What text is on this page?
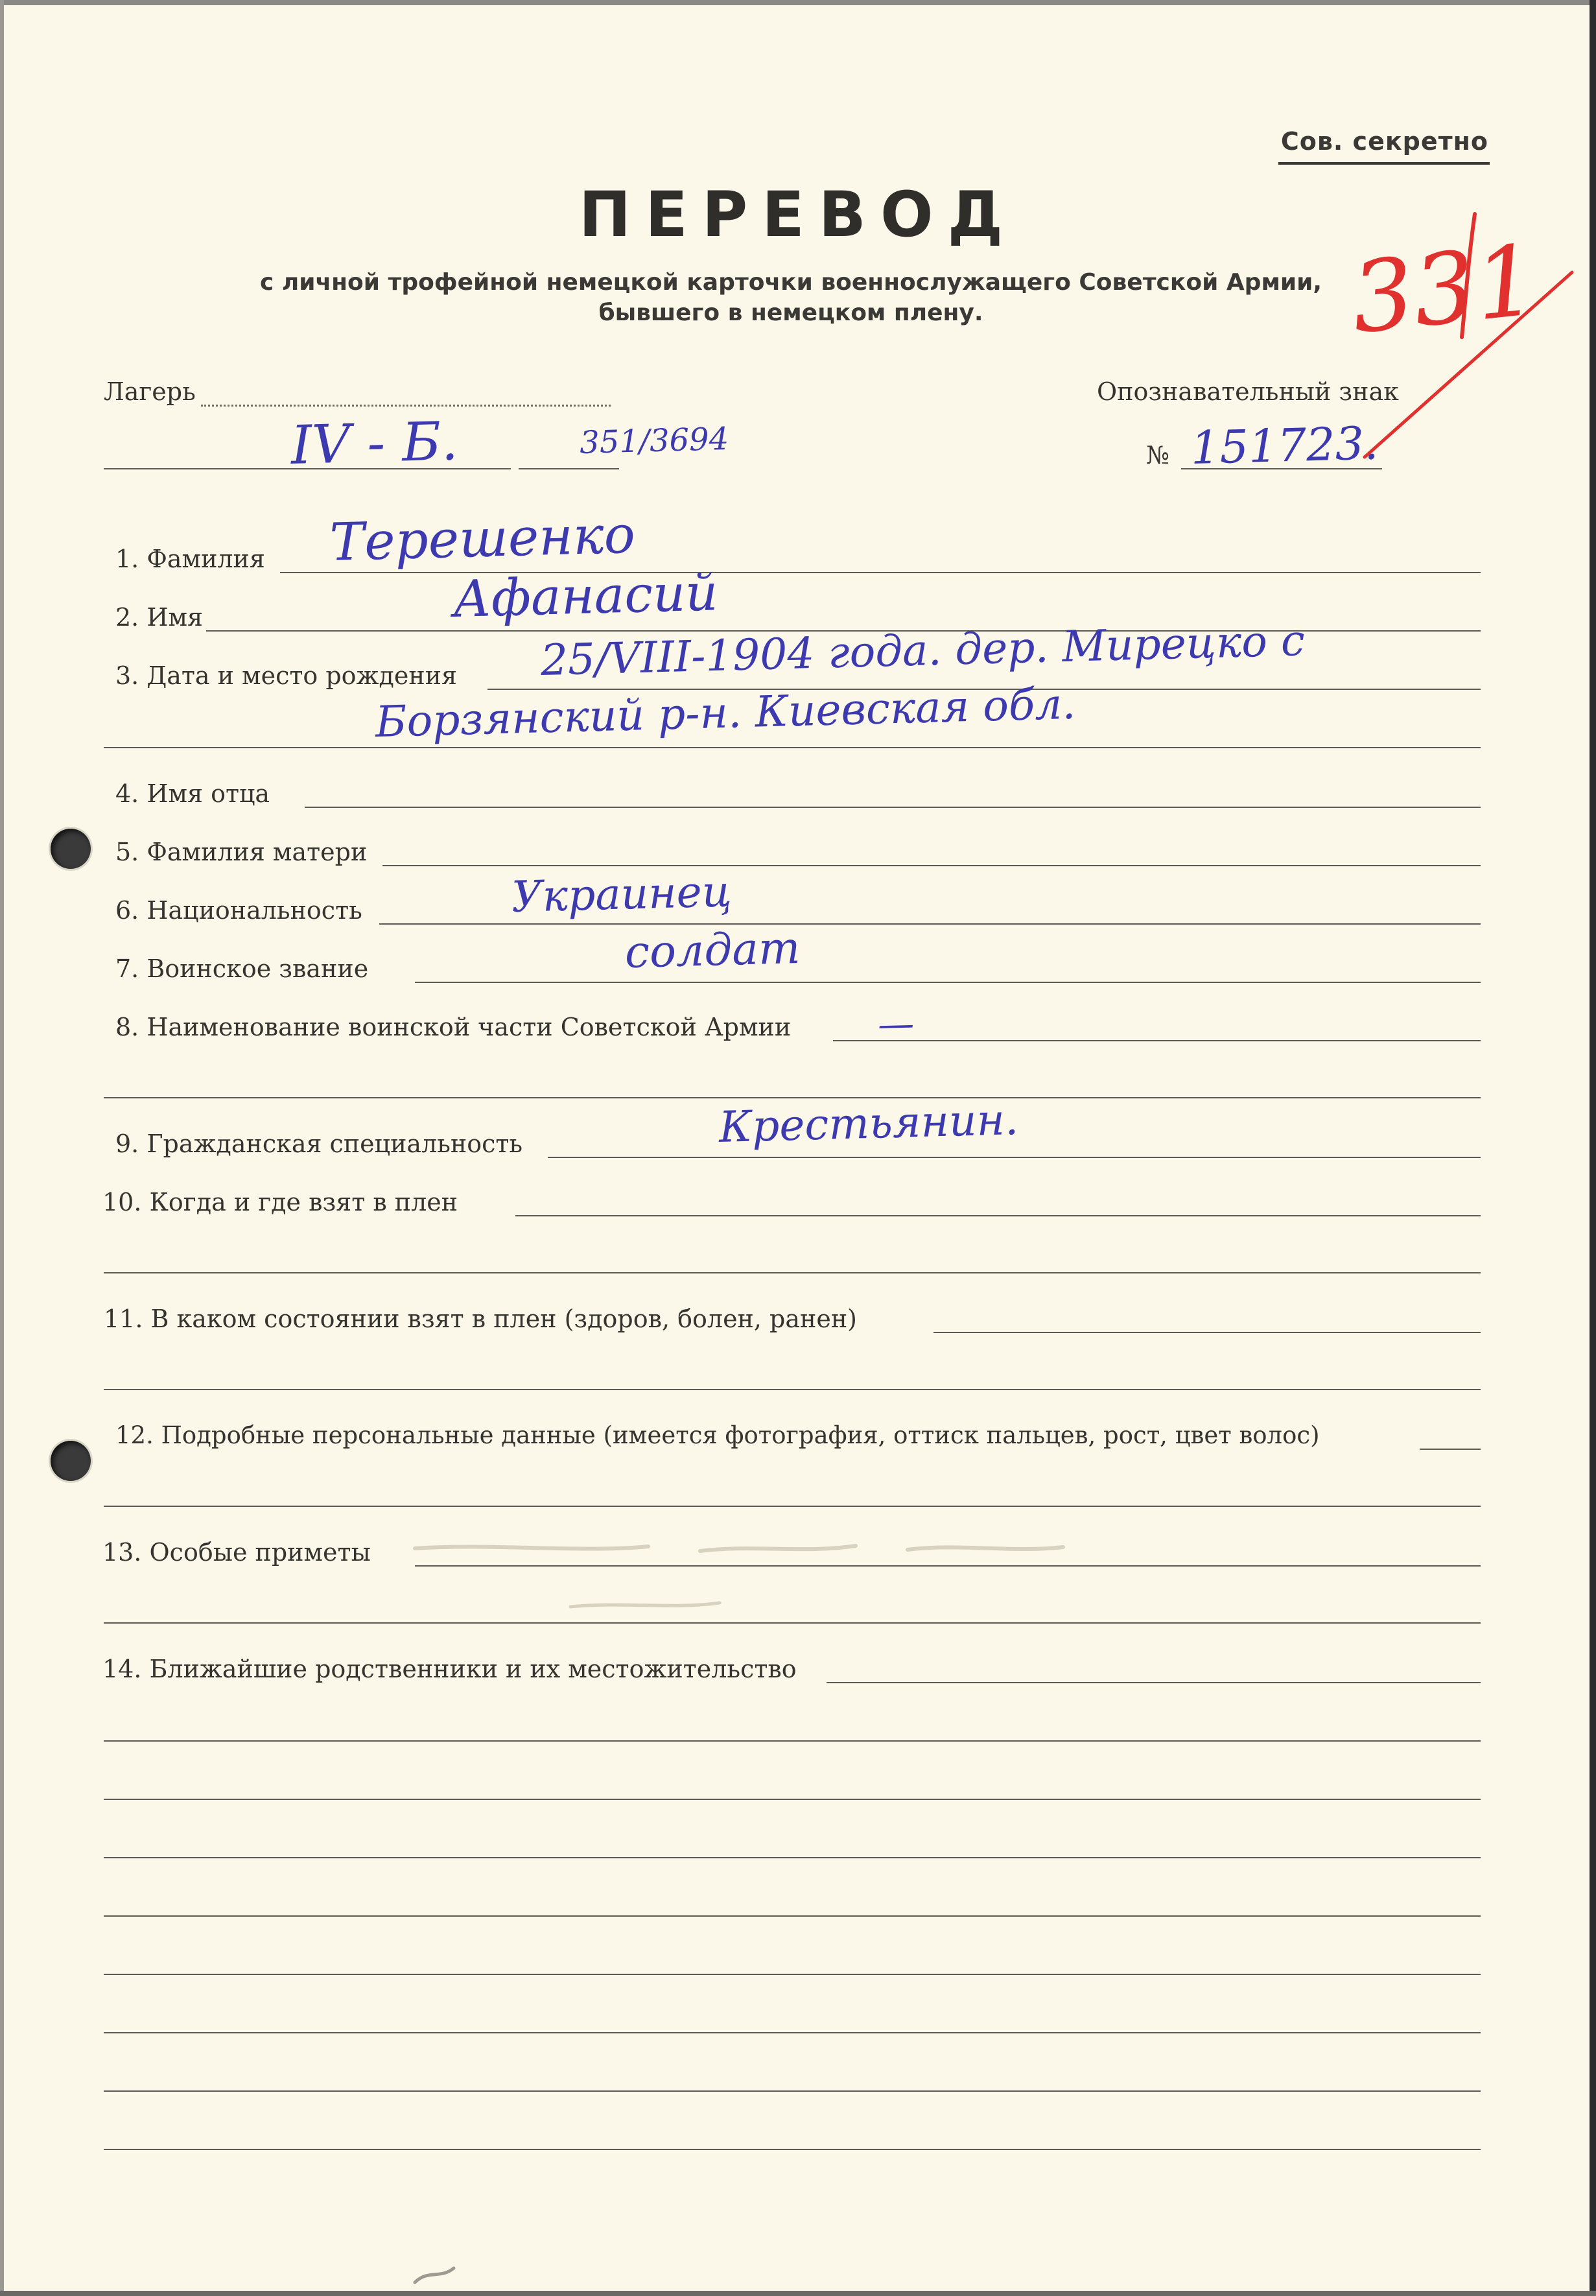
Сов. секретно
ПЕРЕВОД
с личной трофейной немецкой карточки военнослужащего Советской Армии,
бывшего в немецком плену.	331
Лагерь
IV - Б.	351/3694
Опознавательный знак
№ 151723.
1. Фамилия Терешенко
2. Имя	Афанасий
3. Дата и место рождения 25/VIII-1904 года. дер. Мирецко с
Борзянский р-н. Киевская обл.
4. Имя отца
5. Фамилия матери
6. Национальность	Украинец
7. Воинское звание	солдат
8. Наименование воинской части Советской Армии —
9. Гражданская специальность	Крестьянин.
10. Когда и где взят в плен
11. В каком состоянии взят в плен (здоров, болен, ранен)
12. Подробные персональные данные (имеется фотография, оттиск пальцев, рост, цвет волос)
13. Особые приметы
14. Ближайшие родственники и их местожительство
